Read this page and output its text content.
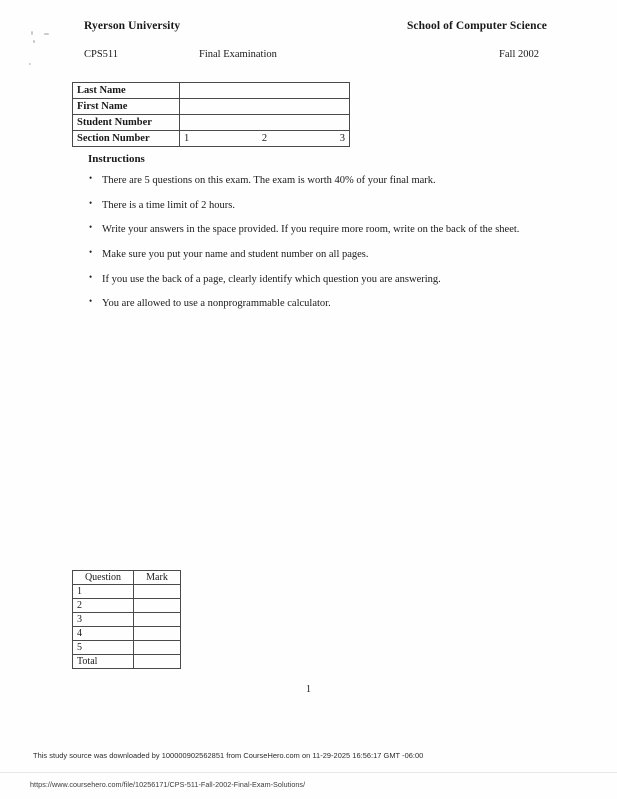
Ryerson University	School of Computer Science
CPS511	Final Examination	Fall 2002
Last Name	
First Name	
Student Number	
Section Number	1 2 3
Instructions
• There are 5 questions on this exam. The exam is worth 40% of your final mark.
• There is a time limit of 2 hours.
• Write your answers in the space provided. If you require more room, write on the back of the sheet.
• Make sure you put your name and student number on all pages.
• If you use the back of a page, clearly identify which question you are answering.
• You are allowed to use a nonprogrammable calculator.
Question	Mark
1	
2	
3	
4	
5	
Total	
1
This study source was downloaded by 100000902562851 from CourseHero.com on 11-29-2025 16:56:17 GMT -06:00
https://www.coursehero.com/file/10256171/CPS-511-Fall-2002-Final-Exam-Solutions/
